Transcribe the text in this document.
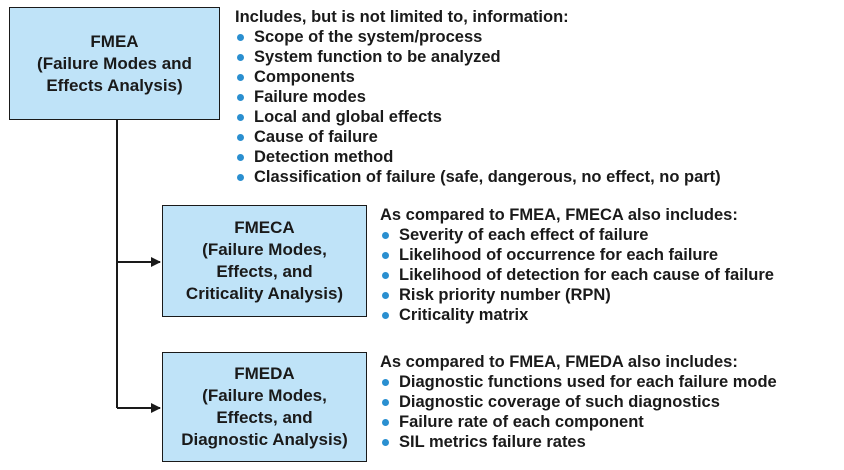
FMEA
(Failure Modes and
Effects Analysis)
Includes, but is not limited to, information:
Scope of the system/process
System function to be analyzed
Components
Failure modes
Local and global effects
Cause of failure
Detection method
Classification of failure (safe, dangerous, no effect, no part)
FMECA
(Failure Modes,
Effects, and
Criticality Analysis)
As compared to FMEA, FMECA also includes:
Severity of each effect of failure
Likelihood of occurrence for each failure
Likelihood of detection for each cause of failure
Risk priority number (RPN)
Criticality matrix
FMEDA
(Failure Modes,
Effects, and
Diagnostic Analysis)
As compared to FMEA, FMEDA also includes:
Diagnostic functions used for each failure mode
Diagnostic coverage of such diagnostics
Failure rate of each component
SIL metrics failure rates
